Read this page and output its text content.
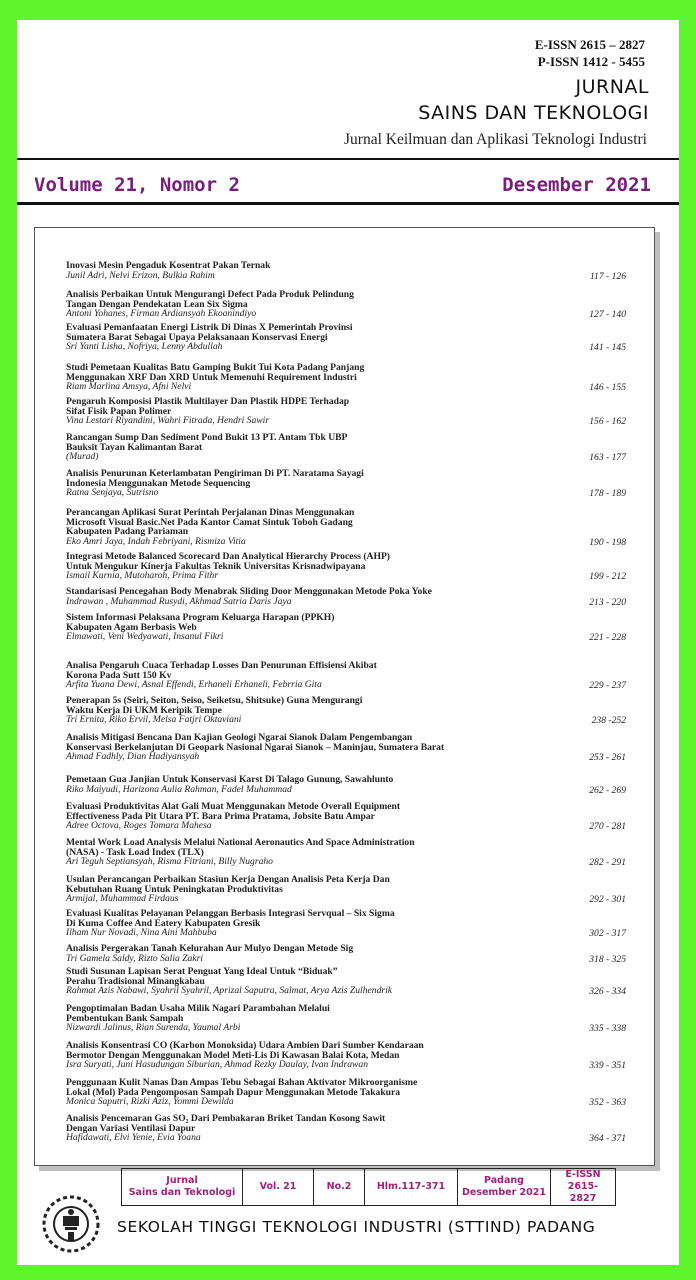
E-ISSN 2615 – 2827
P-ISSN 1412 - 5455
JURNAL
SAINS DAN TEKNOLOGI
Jurnal Keilmuan dan Aplikasi Teknologi Industri
Volume 21, Nomor 2	Desember 2021
Inovasi Mesin Pengaduk Kosentrat Pakan Ternak
Junil Adri, Nelvi Erizon, Bulkia Rahim	117 - 126
Analisis Perbaikan Untuk Mengurangi Defect Pada Produk Pelindung
Tangan Dengan Pendekatan Lean Six Sigma
Antoni Yohanes, Firman Ardiansyah Ekoanindiyo	127 - 140
Evaluasi Pemanfaatan Energi Listrik Di Dinas X Pemerintah Provinsi
Sumatera Barat Sebagai Upaya Pelaksanaan Konservasi Energi
Sri Yanti Lisha, Nofriya, Lenny Abdullah	141 - 145
Studi Pemetaan Kualitas Batu Gamping Bukit Tui Kota Padang Panjang
Menggunakan XRF Dan XRD Untuk Memenuhi Requirement Industri
Riam Marlina Amsya, Afni Nelvi	146 - 155
Pengaruh Komposisi Plastik Multilayer Dan Plastik HDPE Terhadap
Sifat Fisik Papan Polimer
Vina Lestari Riyandini, Wahri Fitrada, Hendri Sawir	156 - 162
Rancangan Sump Dan Sediment Pond Bukit 13 PT. Antam Tbk UBP
Bauksit Tayan Kalimantan Barat
(Murad)	163 - 177
Analisis Penurunan Keterlambatan Pengiriman Di PT. Naratama Sayagi
Indonesia Menggunakan Metode Sequencing
Ratna Senjaya, Sutrisno	178 - 189
Perancangan Aplikasi Surat Perintah Perjalanan Dinas Menggunakan
Microsoft Visual Basic.Net Pada Kantor Camat Sintuk Toboh Gadang
Kabupaten Padang Pariaman
Eko Amri Jaya, Indah Febriyani, Rismiza Vitia	190 - 198
Integrasi Metode Balanced Scorecard Dan Analytical Hierarchy Process (AHP)
Untuk Mengukur Kinerja Fakultas Teknik Universitas Krisnadwipayana
Ismail Kurnia, Mutoharoh, Prima Fithr	199 - 212
Standarisasi Pencegahan Body Menabrak Sliding Door Menggunakan Metode Poka Yoke
Indrawan , Muhammad Rusydi, Akhmad Satria Daris Jaya	213 - 220
Sistem Informasi Pelaksana Program Keluarga Harapan (PPKH)
Kabupaten Agam Berbasis Web
Elmawati, Veni Wedyawati, Insanul Fikri	221 - 228
Analisa Pengaruh Cuaca Terhadap Losses Dan Penurunan Effisiensi Akibat
Korona Pada Sutt 150 Kv
Arfita Yuana Dewi, Asnal Effendi, Erhaneli Erhaneli, Febrria Gita	229 - 237
Penerapan 5s (Seiri, Seiton, Seiso, Seiketsu, Shitsuke) Guna Mengurangi
Waktu Kerja Di UKM Keripik Tempe
Tri Ernita, Riko Ervil, Melsa Fatjri Oktaviani	238 -252
Analisis Mitigasi Bencana Dan Kajian Geologi Ngarai Sianok Dalam Pengembangan
Konservasi Berkelanjutan Di Geopark Nasional Ngarai Sianok – Maninjau, Sumatera Barat
Ahmad Fadhly, Dian Hadiyansyah	253 - 261
Pemetaan Gua Janjian Untuk Konservasi Karst Di Talago Gunung, Sawahlunto
Riko Maiyudi, Harizona Aulia Rahman, Fadel Muhammad	262 - 269
Evaluasi Produktivitas Alat Gali Muat Menggunakan Metode Overall Equipment
Effectiveness Pada Pit Utara PT. Bara Prima Pratama, Jobsite Batu Ampar
Adree Octova, Roges Tomara Mahesa	270 - 281
Mental Work Load Analysis Melalui National Aeronautics And Space Administration
(NASA) - Task Load Index (TLX)
Ari Teguh Septiansyah, Risma Fitriani, Billy Nugraho	282 - 291
Usulan Perancangan Perbaikan Stasiun Kerja Dengan Analisis Peta Kerja Dan
Kebutuhan Ruang Untuk Peningkatan Produktivitas
Armijal, Muhammad Firdaus	292 - 301
Evaluasi Kualitas Pelayanan Pelanggan Berbasis Integrasi Servqual – Six Sigma
Di Kuma Coffee And Eatery Kabupaten Gresik
Ilham Nur Novadi, Nina Aini Mahbuba	302 - 317
Analisis Pergerakan Tanah Kelurahan Aur Mulyo Dengan Metode Sig
Tri Gamela Saldy, Rizto Salia Zakri	318 - 325
Studi Susunan Lapisan Serat Penguat Yang Ideal Untuk “Biduak”
Perahu Tradisional Minangkabau
Rahmat Azis Nabawi, Syahril Syahril, Aprizal Saputra, Salmat, Arya Azis Zulhendrik	326 - 334
Pengoptimalan Badan Usaha Milik Nagari Parambahan Melalui
Pembentukan Bank Sampah
Nizwardi Jalinus, Rian Surenda, Yaumal Arbi	335 - 338
Analisis Konsentrasi CO (Karbon Monoksida) Udara Ambien Dari Sumber Kendaraan
Bermotor Dengan Menggunakan Model Meti-Lis Di Kawasan Balai Kota, Medan
Isra Suryati, Juni Hasudungan Siburian, Ahmad Rezky Daulay, Ivan Indrawan	339 - 351
Penggunaan Kulit Nanas Dan Ampas Tebu Sebagai Bahan Aktivator Mikroorganisme
Lokal (Mol) Pada Pengomposan Sampah Dapur Menggunakan Metode Takakura
Monica Saputri, Rizki Aziz, Yommi Dewilda	352 - 363
Analisis Pencemaran Gas SO₂ Dari Pembakaran Briket Tandan Kosong Sawit
Dengan Variasi Ventilasi Dapur
Hafidawati, Elvi Yenie, Evia Yoana	364 - 371
Jurnal
Sains dan Teknologi

Vol. 21	No.2	Hlm.117-371

Padang
Desember 2021

E-ISSN
2615-2827
SEKOLAH TINGGI TEKNOLOGI INDUSTRI (STTIND) PADANG
